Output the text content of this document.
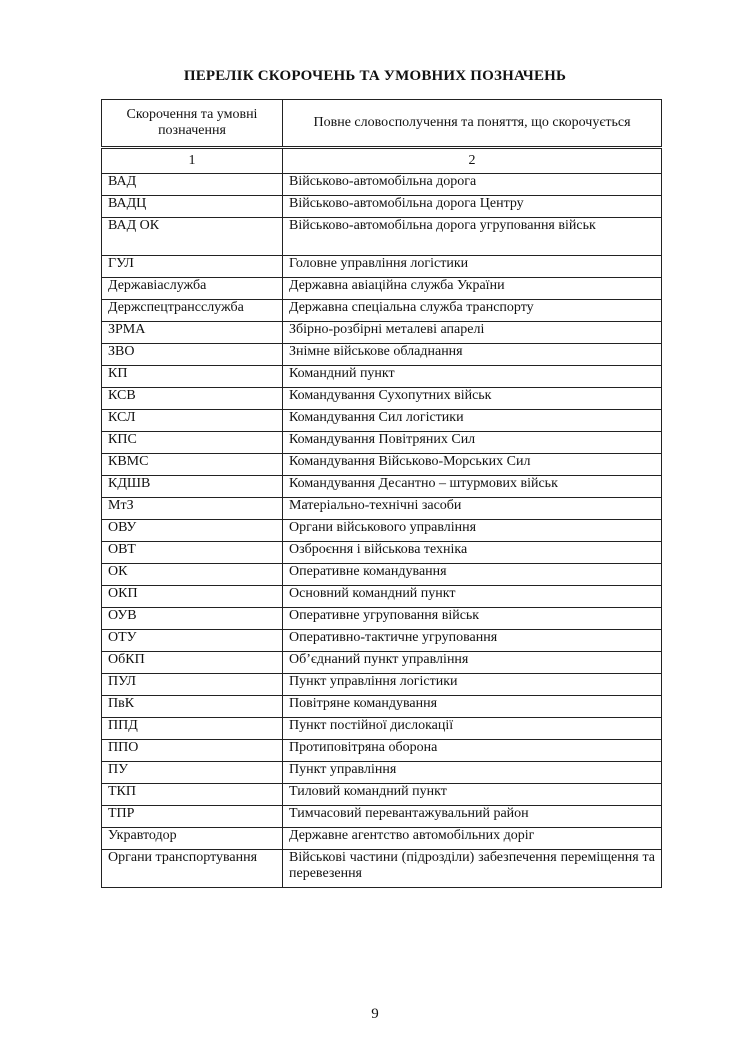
ПЕРЕЛІК СКОРОЧЕНЬ ТА УМОВНИХ ПОЗНАЧЕНЬ
Скорочення та умовні позначення	Повне словосполучення та поняття, що скорочується
1	2
ВАД	Військово-автомобільна дорога
ВАДЦ	Військово-автомобільна дорога Центру
ВАД ОК	Військово-автомобільна дорога угруповання військ
ГУЛ	Головне управління логістики
Державіаслужба	Державна авіаційна служба України
Держспецтрансслужба	Державна спеціальна служба транспорту
ЗРМА	Збірно-розбірні металеві апарелі
ЗВО	Знімне військове обладнання
КП	Командний пункт
КСВ	Командування Сухопутних військ
КСЛ	Командування Сил логістики
КПС	Командування Повітряних Сил
КВМС	Командування Військово-Морських Сил
КДШВ	Командування Десантно – штурмових військ
МтЗ	Матеріально-технічні засоби
ОВУ	Органи військового управління
ОВТ	Озброєння і військова техніка
ОК	Оперативне командування
ОКП	Основний командний пункт
ОУВ	Оперативне угруповання військ
ОТУ	Оперативно-тактичне угруповання
ОбКП	Об’єднаний пункт управління
ПУЛ	Пункт управління логістики
ПвК	Повітряне командування
ППД	Пункт постійної дислокації
ППО	Протиповітряна оборона
ПУ	Пункт управління
ТКП	Тиловий командний пункт
ТПР	Тимчасовий перевантажувальний район
Укравтодор	Державне агентство автомобільних доріг
Органи транспортування	Військові частини (підрозділи) забезпечення переміщення та перевезення
9
